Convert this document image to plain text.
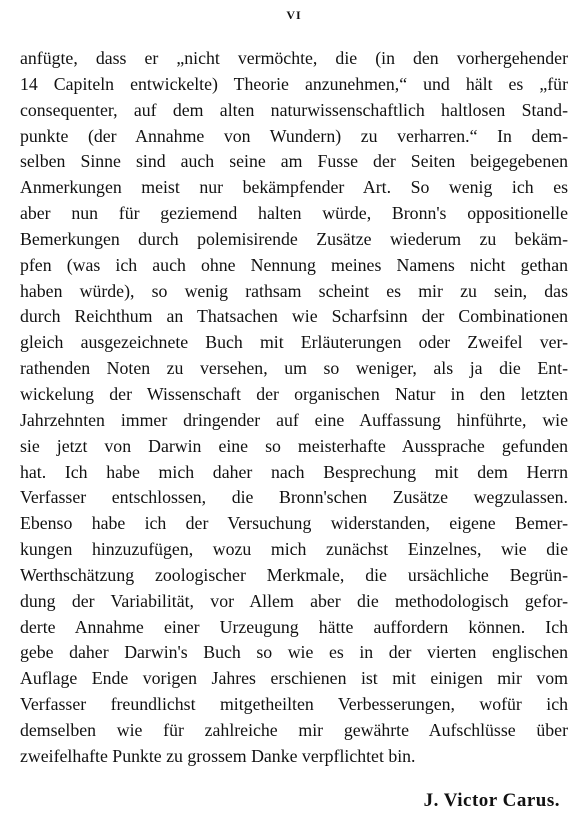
VI
anfügte, dass er „nicht vermöchte, die (in den vorhergehender
14 Capiteln entwickelte) Theorie anzunehmen,“ und hält es „für
consequenter, auf dem alten naturwissenschaftlich haltlosen Stand-
punkte (der Annahme von Wundern) zu verharren.“ In dem-
selben Sinne sind auch seine am Fusse der Seiten beigegebenen
Anmerkungen meist nur bekämpfender Art. So wenig ich es
aber nun für geziemend halten würde, Bronn's oppositionelle
Bemerkungen durch polemisirende Zusätze wiederum zu bekäm-
pfen (was ich auch ohne Nennung meines Namens nicht gethan
haben würde), so wenig rathsam scheint es mir zu sein, das
durch Reichthum an Thatsachen wie Scharfsinn der Combinationen
gleich ausgezeichnete Buch mit Erläuterungen oder Zweifel ver-
rathenden Noten zu versehen, um so weniger, als ja die Ent-
wickelung der Wissenschaft der organischen Natur in den letzten
Jahrzehnten immer dringender auf eine Auffassung hinführte, wie
sie jetzt von Darwin eine so meisterhafte Aussprache gefunden
hat. Ich habe mich daher nach Besprechung mit dem Herrn
Verfasser entschlossen, die Bronn'schen Zusätze wegzulassen.
Ebenso habe ich der Versuchung widerstanden, eigene Bemer-
kungen hinzuzufügen, wozu mich zunächst Einzelnes, wie die
Werthschätzung zoologischer Merkmale, die ursächliche Begrün-
dung der Variabilität, vor Allem aber die methodologisch gefor-
derte Annahme einer Urzeugung hätte auffordern können. Ich
gebe daher Darwin's Buch so wie es in der vierten englischen
Auflage Ende vorigen Jahres erschienen ist mit einigen mir vom
Verfasser freundlichst mitgetheilten Verbesserungen, wofür ich
demselben wie für zahlreiche mir gewährte Aufschlüsse über
zweifelhafte Punkte zu grossem Danke verpflichtet bin.
J. Victor Carus.
